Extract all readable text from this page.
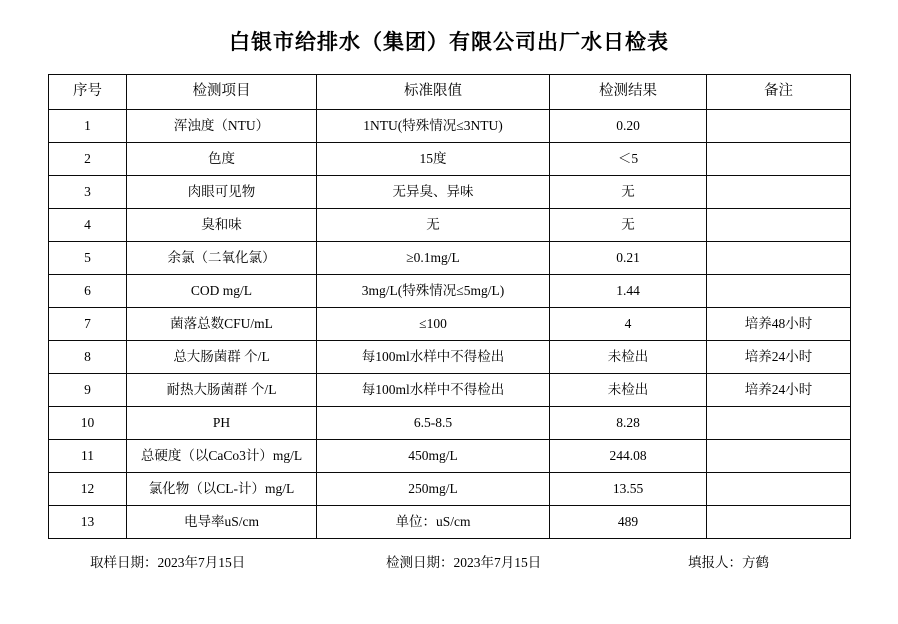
白银市给排水（集团）有限公司出厂水日检表
序号	检测项目	标准限值	检测结果	备注
1	浑浊度（NTU）	1NTU(特殊情况≤3NTU)	0.20	
2	色度	15度	＜5	
3	肉眼可见物	无异臭、异味	无	
4	臭和味	无	无	
5	余氯（二氧化氯）	≥0.1mg/L	0.21	
6	COD mg/L	3mg/L(特殊情况≤5mg/L)	1.44	
7	菌落总数CFU/mL	≤100	4	培养48小时
8	总大肠菌群 个/L	每100ml水样中不得检出	未检出	培养24小时
9	耐热大肠菌群 个/L	每100ml水样中不得检出	未检出	培养24小时
10	PH	6.5-8.5	8.28	
11	总硬度（以CaCo3计）mg/L	450mg/L	244.08	
12	氯化物（以CL-计）mg/L	250mg/L	13.55	
13	电导率uS/cm	单位：uS/cm	489	
取样日期：2023年7月15日	检测日期：2023年7月15日	填报人：方鹤
